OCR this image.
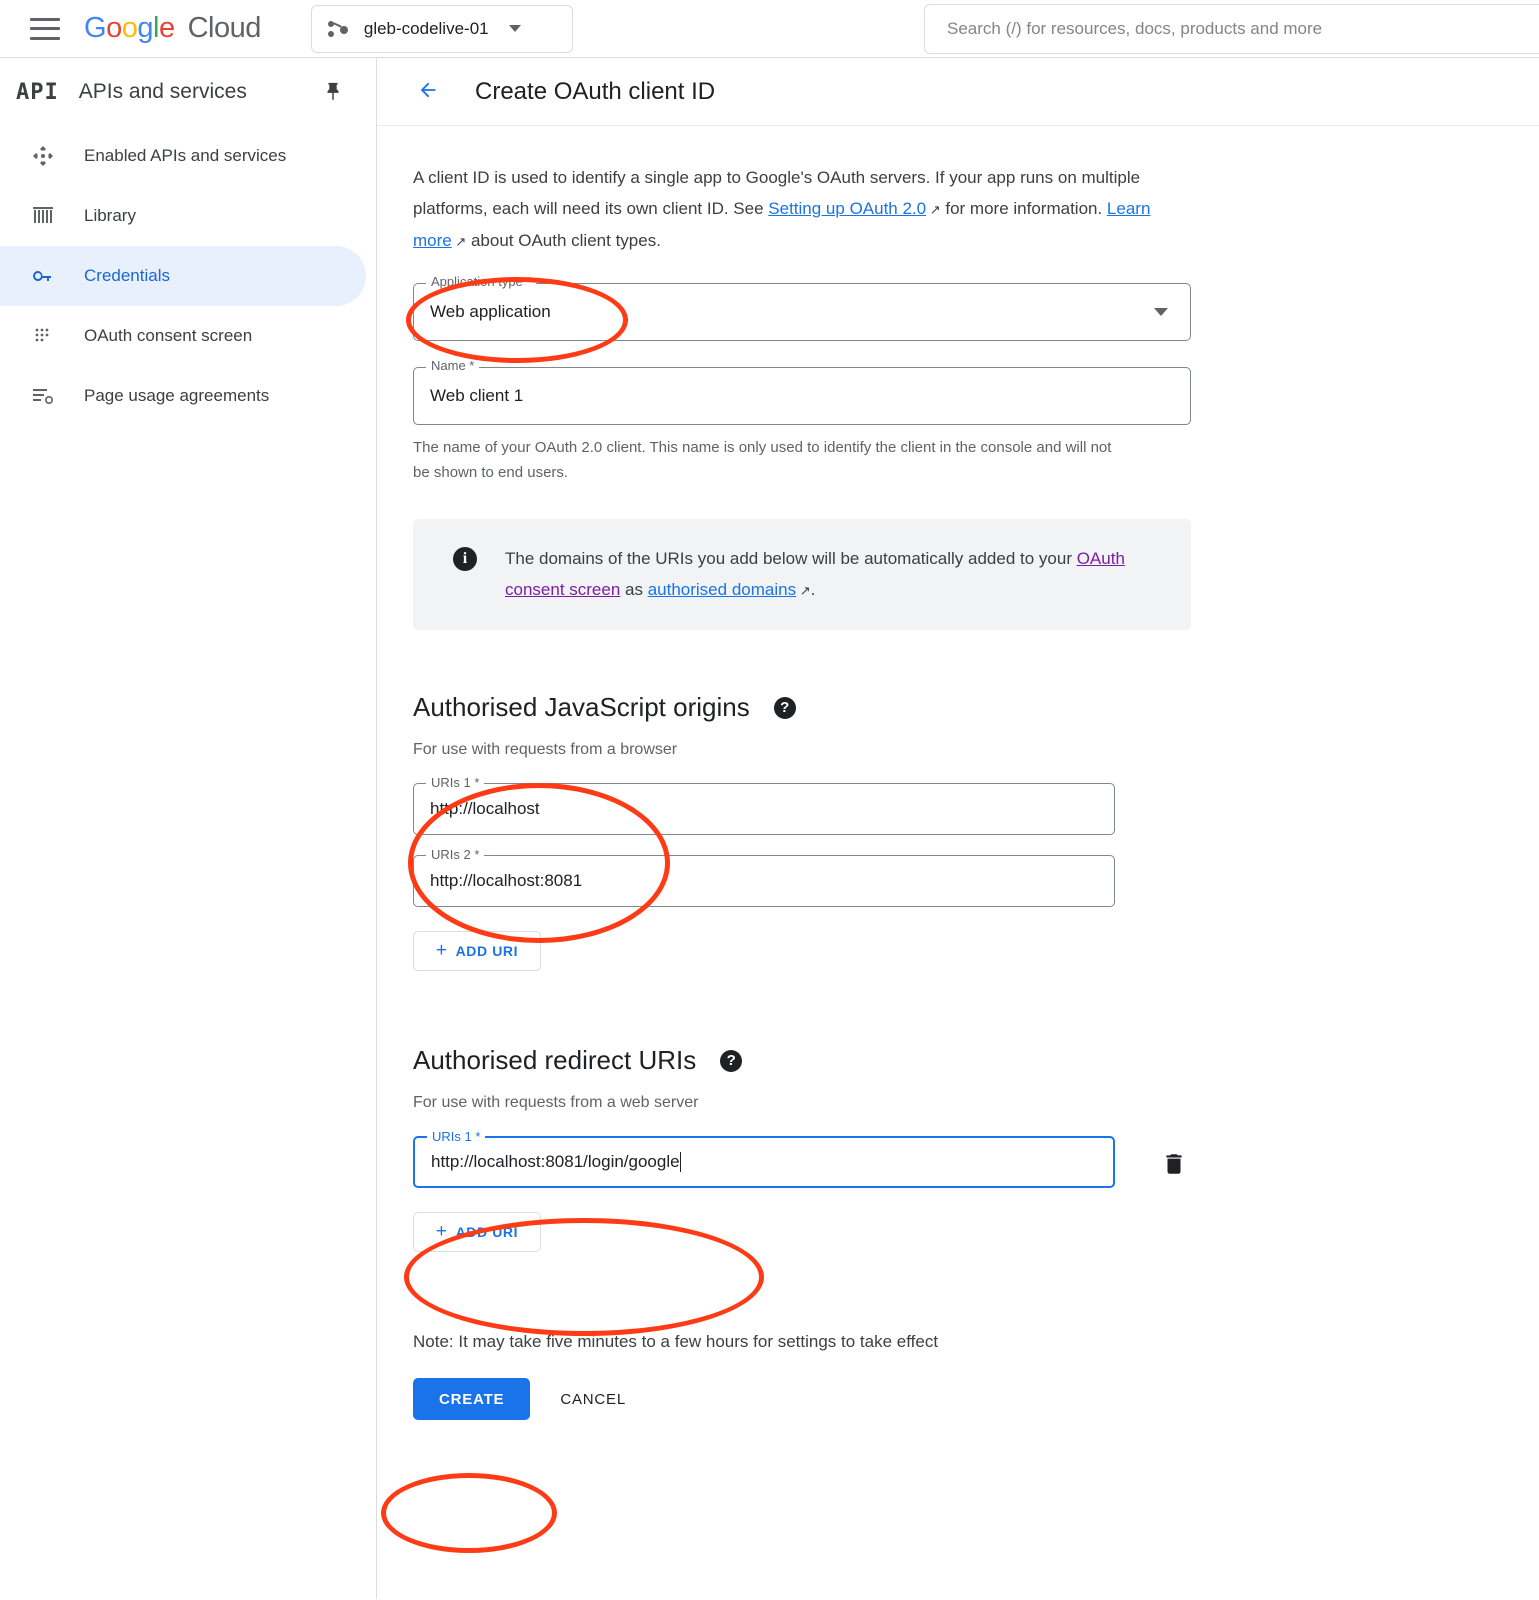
Google Cloud	gleb-codelive-01
Search (/) for resources, docs, products and more
API APIs and services
Enabled APIs and services
Library
Credentials
OAuth consent screen
Page usage agreements
Create OAuth client ID
A client ID is used to identify a single app to Google's OAuth servers. If your app runs on multiple platforms, each will need its own client ID. See Setting up OAuth 2.0 ↗ for more information. Learn more ↗ about OAuth client types.
Application type *
Web application
Name *
Web client 1
The name of your OAuth 2.0 client. This name is only used to identify the client in the console and will not be shown to end users.
i	The domains of the URIs you add below will be automatically added to your OAuth consent screen as authorised domains ↗.
Authorised JavaScript origins	?
For use with requests from a browser
URIs 1 *
http://localhost
URIs 2 *
http://localhost:8081
+ ADD URI
Authorised redirect URIs	?
For use with requests from a web server
URIs 1 *
http://localhost:8081/login/google
+ ADD URI
Note: It may take five minutes to a few hours for settings to take effect
CREATE	CANCEL
